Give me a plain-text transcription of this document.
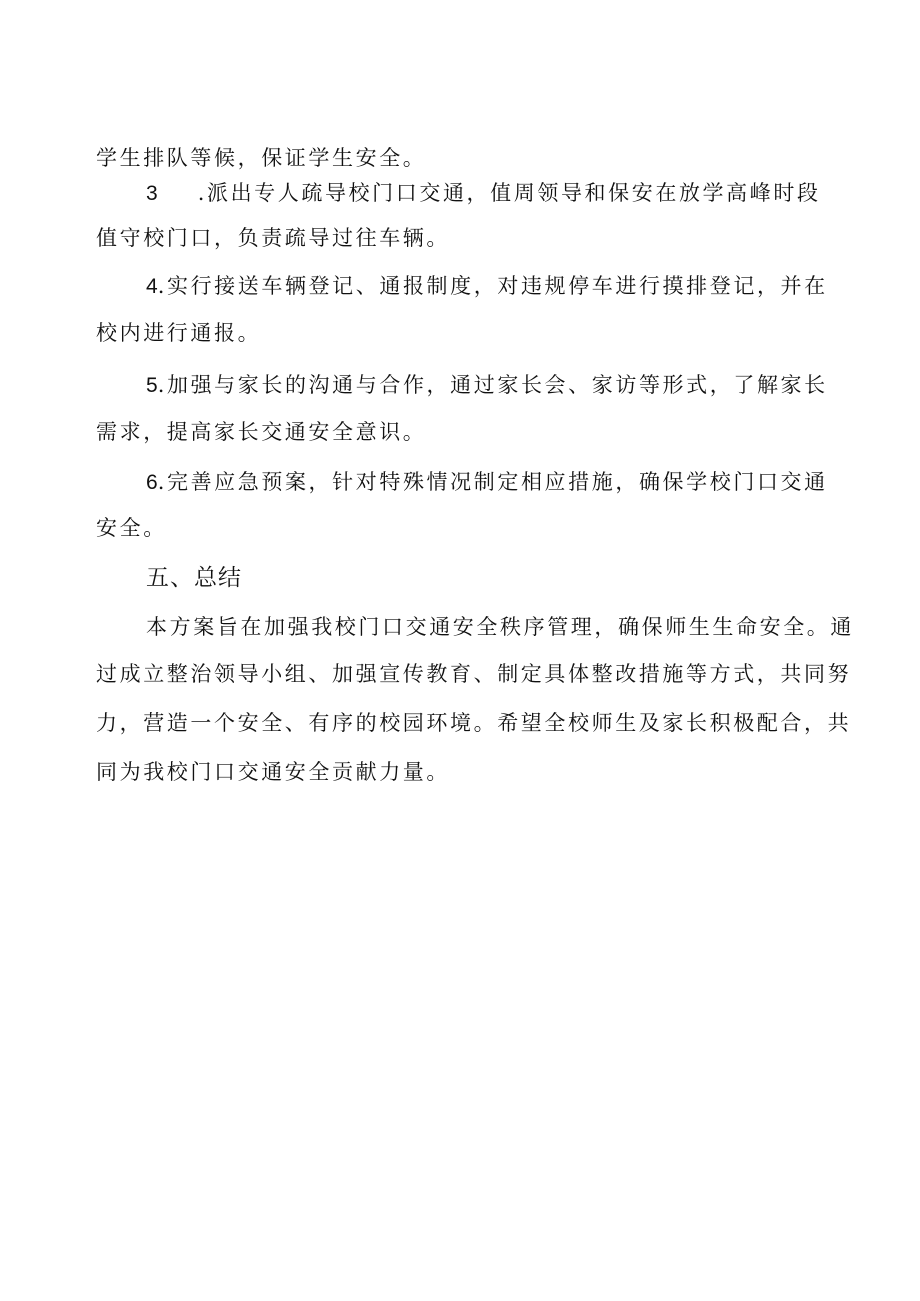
学生排队等候，保证学生安全。
3 .派出专人疏导校门口交通，值周领导和保安在放学高峰时段
值守校门口，负责疏导过往车辆。
4.实行接送车辆登记、通报制度，对违规停车进行摸排登记，并在
校内进行通报。
5.加强与家长的沟通与合作，通过家长会、家访等形式，了解家长
需求，提高家长交通安全意识。
6.完善应急预案，针对特殊情况制定相应措施，确保学校门口交通
安全。
五、总结
本方案旨在加强我校门口交通安全秩序管理，确保师生生命安全。通
过成立整治领导小组、加强宣传教育、制定具体整改措施等方式，共同努
力，营造一个安全、有序的校园环境。希望全校师生及家长积极配合，共
同为我校门口交通安全贡献力量。
